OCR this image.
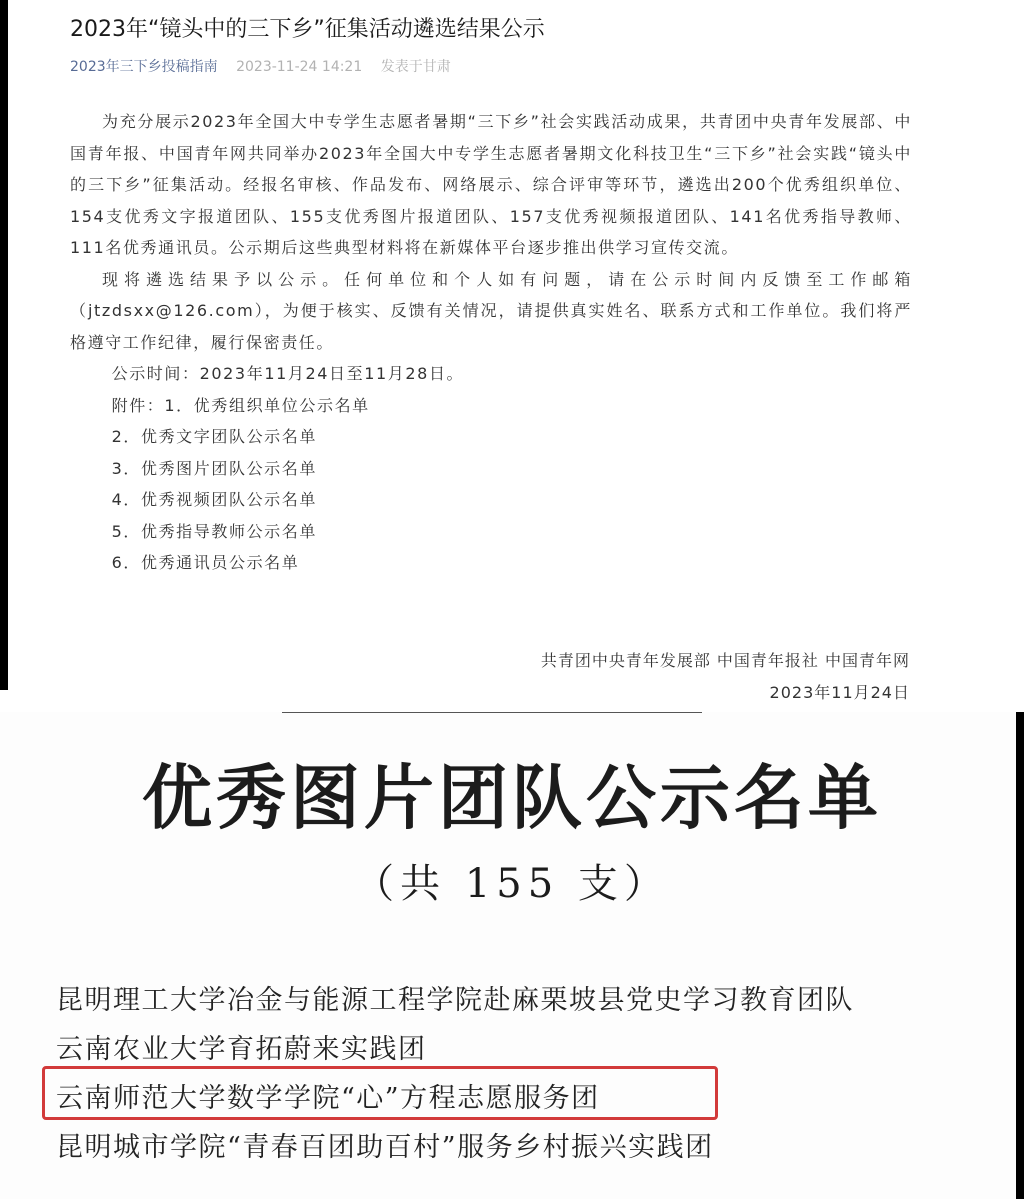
2023年“镜头中的三下乡”征集活动遴选结果公示
2023年三下乡投稿指南 2023-11-24 14:21 发表于甘肃

为充分展示2023年全国大中专学生志愿者暑期“三下乡”社会实践活动成果，共青团中央青年发展部、中国青年报、中国青年网共同举办2023年全国大中专学生志愿者暑期文化科技卫生“三下乡”社会实践“镜头中的三下乡”征集活动。经报名审核、作品发布、网络展示、综合评审等环节，遴选出200个优秀组织单位、154支优秀文字报道团队、155支优秀图片报道团队、157支优秀视频报道团队、141名优秀指导教师、111名优秀通讯员。公示期后这些典型材料将在新媒体平台逐步推出供学习宣传交流。

现将遴选结果予以公示。任何单位和个人如有问题，请在公示时间内反馈至工作邮箱（jtzdsxx@126.com），为便于核实、反馈有关情况，请提供真实姓名、联系方式和工作单位。我们将严格遵守工作纪律，履行保密责任。

公示时间：2023年11月24日至11月28日。

附件：1．优秀组织单位公示名单

2．优秀文字团队公示名单

3．优秀图片团队公示名单

4．优秀视频团队公示名单

5．优秀指导教师公示名单

6．优秀通讯员公示名单

共青团中央青年发展部 中国青年报社 中国青年网
2023年11月24日
优秀图片团队公示名单
（共 155 支）
昆明理工大学冶金与能源工程学院赴麻栗坡县党史学习教育团队
云南农业大学育拓蔚来实践团
云南师范大学数学学院“心”方程志愿服务团
昆明城市学院“青春百团助百村”服务乡村振兴实践团
